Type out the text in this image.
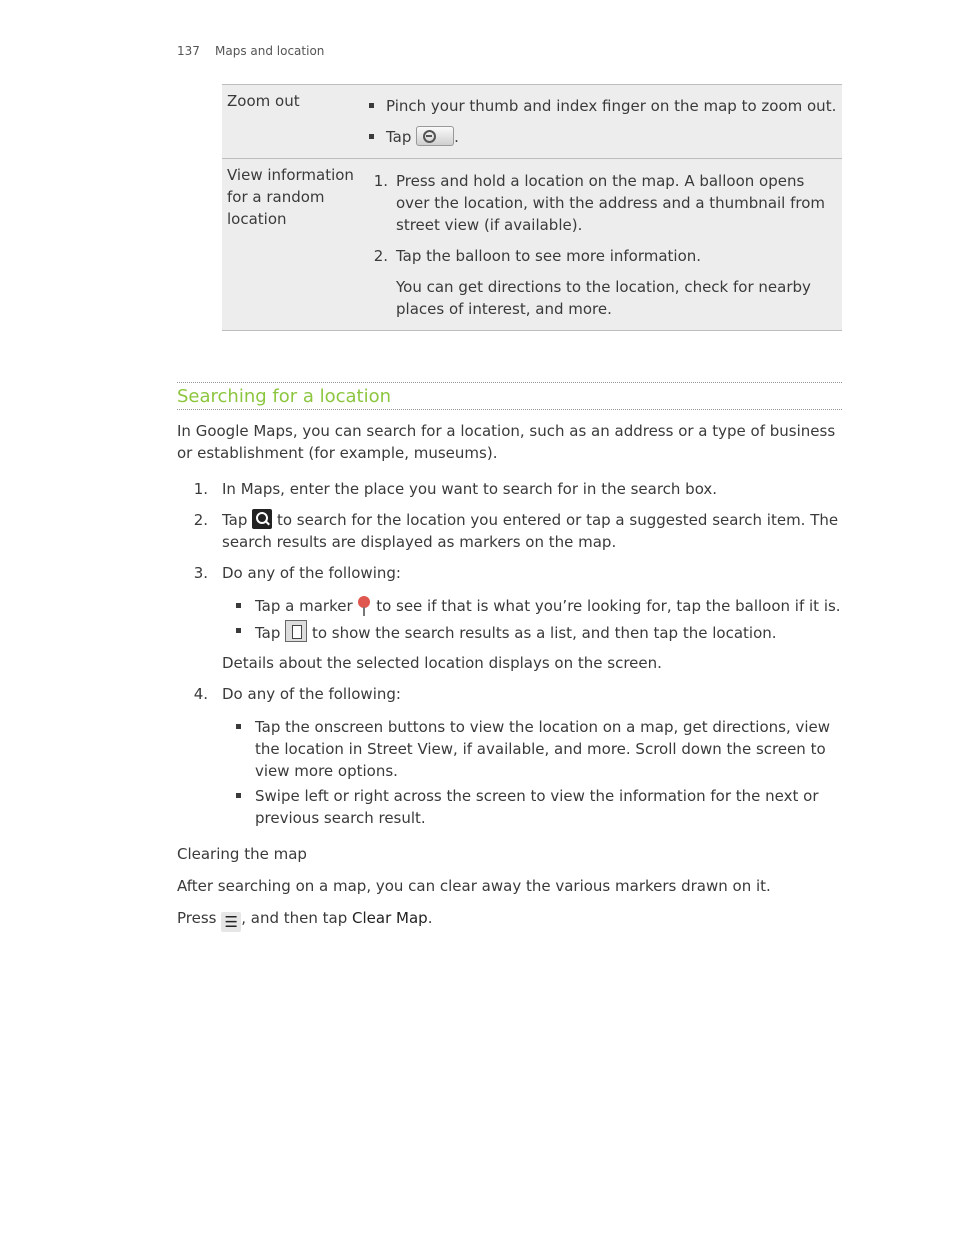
137 Maps and location
Zoom out	Pinch your thumb and index finger on the map to zoom out.
Tap	.
View information for a random location
1. Press and hold a location on the map. A balloon opens over the location, with the address and a thumbnail from street view (if available).
2. Tap the balloon to see more information.
You can get directions to the location, check for nearby places of interest, and more.
Searching for a location
In Google Maps, you can search for a location, such as an address or a type of business or establishment (for example, museums).
1. In Maps, enter the place you want to search for in the search box.
2. Tap  to search for the location you entered or tap a suggested search item. The search results are displayed as markers on the map.
3. Do any of the following:
Tap a marker  to see if that is what you’re looking for, tap the balloon if it is.
Tap  to show the search results as a list, and then tap the location.
Details about the selected location displays on the screen.
4. Do any of the following:
Tap the onscreen buttons to view the location on a map, get directions, view the location in Street View, if available, and more. Scroll down the screen to view more options.
Swipe left or right across the screen to view the information for the next or previous search result.
Clearing the map
After searching on a map, you can clear away the various markers drawn on it.
Press ☰ , and then tap Clear Map.
